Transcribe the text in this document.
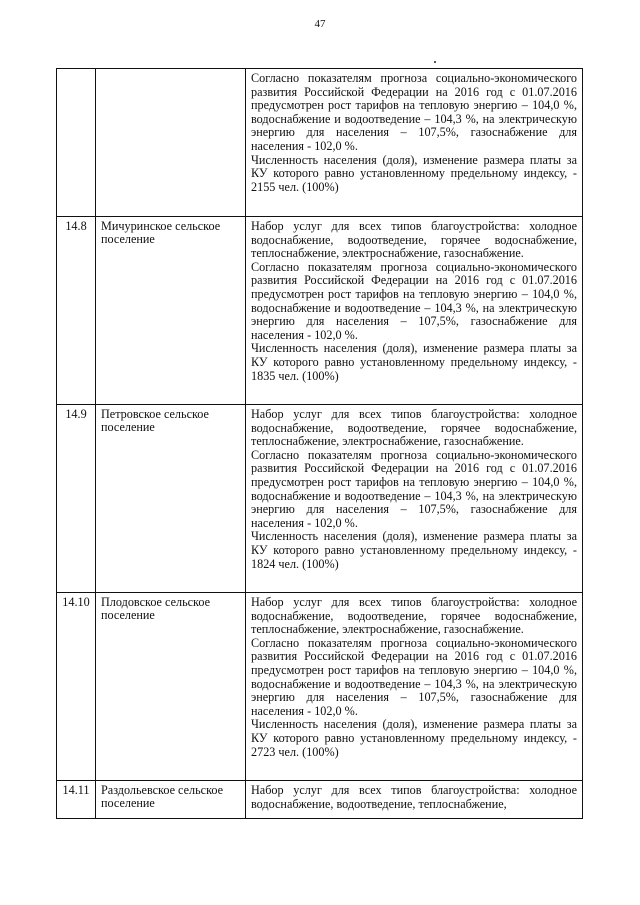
47

		Согласно показателям прогноза социально-экономического развития Российской Федерации на 2016 год с 01.07.2016 предусмотрен рост тарифов на тепловую энергию – 104,0 %, водоснабжение и водоотведение – 104,3 %, на электрическую энергию для населения – 107,5%, газоснабжение для населения - 102,0 %.

Численность населения (доля), изменение размера платы за КУ которого равно установленному предельному индексу, - 2155 чел. (100%)

14.8	Мичуринское сельское поселение	Набор услуг для всех типов благоустройства: холодное водоснабжение, водоотведение, горячее водоснабжение, теплоснабжение, электроснабжение, газоснабжение.

Согласно показателям прогноза социально-экономического развития Российской Федерации на 2016 год с 01.07.2016 предусмотрен рост тарифов на тепловую энергию – 104,0 %, водоснабжение и водоотведение – 104,3 %, на электрическую энергию для населения – 107,5%, газоснабжение для населения - 102,0 %.

Численность населения (доля), изменение размера платы за КУ которого равно установленному предельному индексу, - 1835 чел. (100%)

14.9	Петровское сельское поселение	Набор услуг для всех типов благоустройства: холодное водоснабжение, водоотведение, горячее водоснабжение, теплоснабжение, электроснабжение, газоснабжение.

Согласно показателям прогноза социально-экономического развития Российской Федерации на 2016 год с 01.07.2016 предусмотрен рост тарифов на тепловую энергию – 104,0 %, водоснабжение и водоотведение – 104,3 %, на электрическую энергию для населения – 107,5%, газоснабжение для населения - 102,0 %.

Численность населения (доля), изменение размера платы за КУ которого равно установленному предельному индексу, - 1824 чел. (100%)

14.10	Плодовское сельское поселение	Набор услуг для всех типов благоустройства: холодное водоснабжение, водоотведение, горячее водоснабжение, теплоснабжение, электроснабжение, газоснабжение.

Согласно показателям прогноза социально-экономического развития Российской Федерации на 2016 год с 01.07.2016 предусмотрен рост тарифов на тепловую энергию – 104,0 %, водоснабжение и водоотведение – 104,3 %, на электрическую энергию для населения – 107,5%, газоснабжение для населения - 102,0 %.

Численность населения (доля), изменение размера платы за КУ которого равно установленному предельному индексу, - 2723 чел. (100%)

14.11	Раздольевское сельское поселение	Набор услуг для всех типов благоустройства: холодное водоснабжение, водоотведение, теплоснабжение,
